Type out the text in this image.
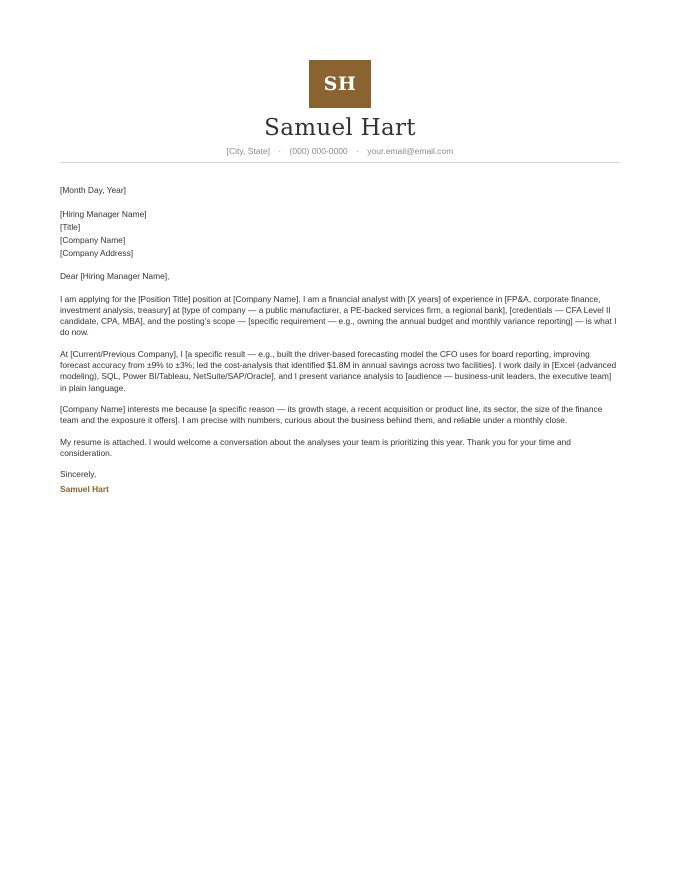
SH
Samuel Hart
[City, State] · (000) 000-0000 · your.email@email.com

[Month Day, Year]

[Hiring Manager Name]

[Title]

[Company Name]

[Company Address]

Dear [Hiring Manager Name],

I am applying for the [Position Title] position at [Company Name]. I am a financial analyst with [X years] of experience in [FP&A, corporate finance, investment analysis, treasury] at [type of company — a public manufacturer, a PE-backed services firm, a regional bank], [credentials — CFA Level II candidate, CPA, MBA], and the posting’s scope — [specific requirement — e.g., owning the annual budget and monthly variance reporting] — is what I do now.

At [Current/Previous Company], I [a specific result — e.g., built the driver-based forecasting model the CFO uses for board reporting, improving forecast accuracy from ±9% to ±3%; led the cost-analysis that identified $1.8M in annual savings across two facilities]. I work daily in [Excel (advanced modeling), SQL, Power BI/Tableau, NetSuite/SAP/Oracle], and I present variance analysis to [audience — business-unit leaders, the executive team] in plain language.

[Company Name] interests me because [a specific reason — its growth stage, a recent acquisition or product line, its sector, the size of the finance team and the exposure it offers]. I am precise with numbers, curious about the business behind them, and reliable under a monthly close.

My resume is attached. I would welcome a conversation about the analyses your team is prioritizing this year. Thank you for your time and consideration.

Sincerely,

Samuel Hart
